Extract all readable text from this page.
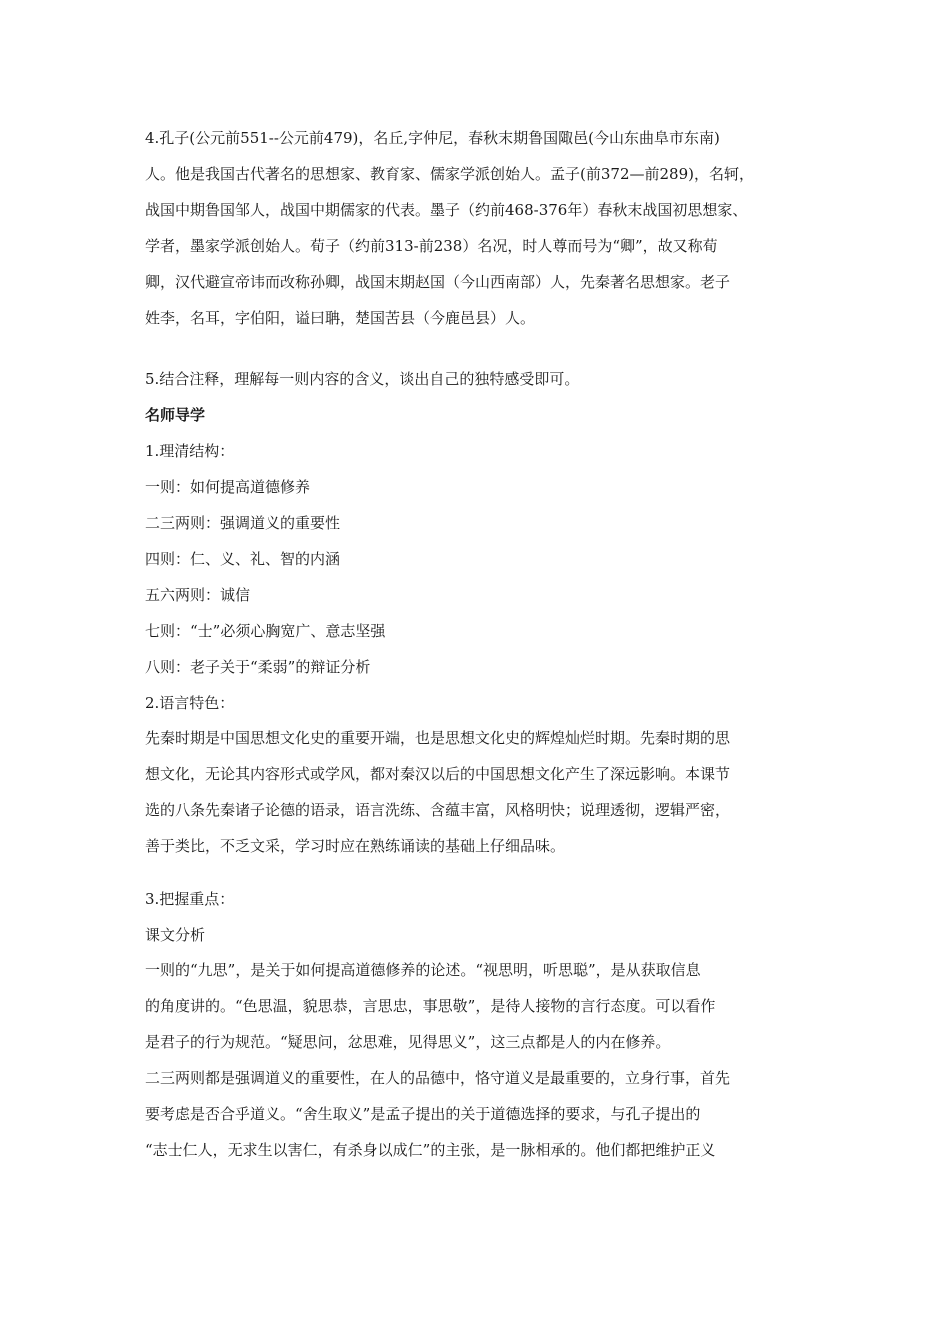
4.孔子(公元前551--公元前479)，名丘,字仲尼，春秋末期鲁国陬邑(今山东曲阜市东南)
人。他是我国古代著名的思想家、教育家、儒家学派创始人。孟子(前372—前289)，名轲，
战国中期鲁国邹人，战国中期儒家的代表。墨子（约前468-376年）春秋末战国初思想家、
学者，墨家学派创始人。荀子（约前313-前238）名况，时人尊而号为“卿”，故又称荀
卿，汉代避宣帝讳而改称孙卿，战国末期赵国（今山西南部）人，先秦著名思想家。老子
姓李，名耳，字伯阳，谥曰聃，楚国苦县（今鹿邑县）人。
5.结合注释，理解每一则内容的含义，谈出自己的独特感受即可。
名师导学
1.理清结构：
一则：如何提高道德修养
二三两则：强调道义的重要性
四则：仁、义、礼、智的内涵
五六两则：诚信
七则：“士”必须心胸宽广、意志坚强
八则：老子关于“柔弱”的辩证分析
2.语言特色：
先秦时期是中国思想文化史的重要开端，也是思想文化史的辉煌灿烂时期。先秦时期的思
想文化，无论其内容形式或学风，都对秦汉以后的中国思想文化产生了深远影响。本课节
选的八条先秦诸子论德的语录，语言洗练、含蕴丰富，风格明快；说理透彻，逻辑严密，
善于类比，不乏文采，学习时应在熟练诵读的基础上仔细品味。
3.把握重点：
课文分析
一则的“九思”，是关于如何提高道德修养的论述。“视思明，听思聪”，是从获取信息
的角度讲的。“色思温，貌思恭，言思忠，事思敬”，是待人接物的言行态度。可以看作
是君子的行为规范。“疑思问，忿思难，见得思义”，这三点都是人的内在修养。
二三两则都是强调道义的重要性，在人的品德中，恪守道义是最重要的，立身行事，首先
要考虑是否合乎道义。“舍生取义”是孟子提出的关于道德选择的要求，与孔子提出的
“志士仁人，无求生以害仁，有杀身以成仁”的主张，是一脉相承的。他们都把维护正义
